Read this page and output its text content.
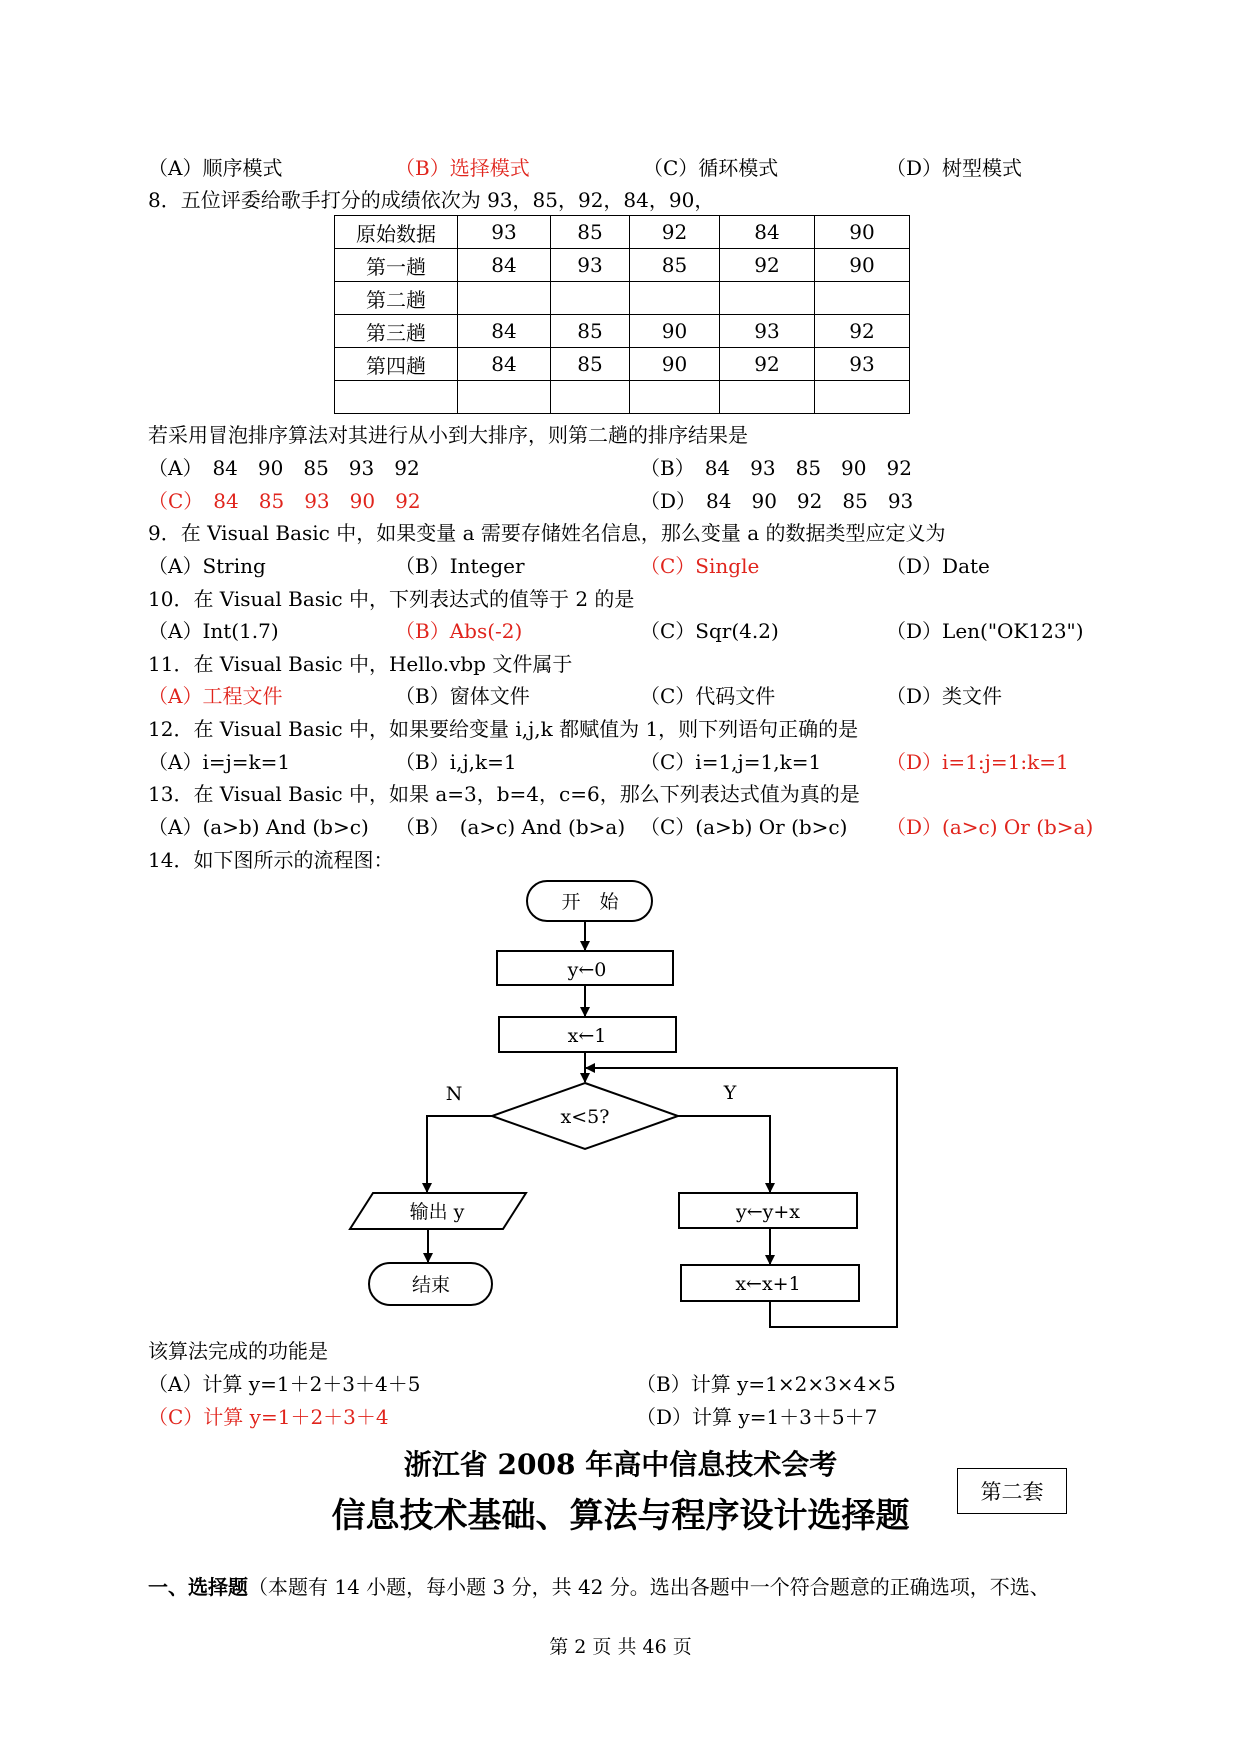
（A）顺序模式	（B）选择模式	（C）循环模式	（D）树型模式
8．五位评委给歌手打分的成绩依次为 93，85，92，84，90，
原始数据	93	85	92	84	90
第一趟	84	93	85	92	90
第二趟					
第三趟	84	85	90	93	92
第四趟	84	85	90	92	93

若采用冒泡排序算法对其进行从小到大排序，则第二趟的排序结果是
（A）　84　90　85　93　92	（B）　84　93　85　90　92
（C）　84　85　93　90　92	（D）　84　90　92　85　93
9．在 Visual Basic 中，如果变量 a 需要存储姓名信息，那么变量 a 的数据类型应定义为
（A）String	（B）Integer	（C）Single	（D）Date
10．在 Visual Basic 中，下列表达式的值等于 2 的是
（A）Int(1.7)	（B）Abs(-2)	（C）Sqr(4.2)	（D）Len("OK123")
11．在 Visual Basic 中，Hello.vbp 文件属于
（A）工程文件	（B）窗体文件	（C）代码文件	（D）类文件
12．在 Visual Basic 中，如果要给变量 i,j,k 都赋值为 1，则下列语句正确的是
（A）i=j=k=1	（B）i,j,k=1	（C）i=1,j=1,k=1	（D）i=1:j=1:k=1
13．在 Visual Basic 中，如果 a=3，b=4，c=6，那么下列表达式值为真的是
（A）(a>b) And (b>c) （B）　(a>c) And (b>a) （C）(a>b) Or (b>c) （D）(a>c) Or (b>a)
14．如下图所示的流程图：
开　始
y←0
x←1
x<5?
N	Y
输出 y
结束
y←y+x
x←x+1
该算法完成的功能是
（A）计算 y=1＋2＋3＋4＋5	（B）计算 y=1×2×3×4×5
（C）计算 y=1＋2＋3＋4	（D）计算 y=1＋3＋5＋7
浙江省 2008 年高中信息技术会考
信息技术基础、算法与程序设计选择题
第二套
一、选择题（本题有 14 小题，每小题 3 分，共 42 分。选出各题中一个符合题意的正确选项，不选、
第 2 页 共 46 页
